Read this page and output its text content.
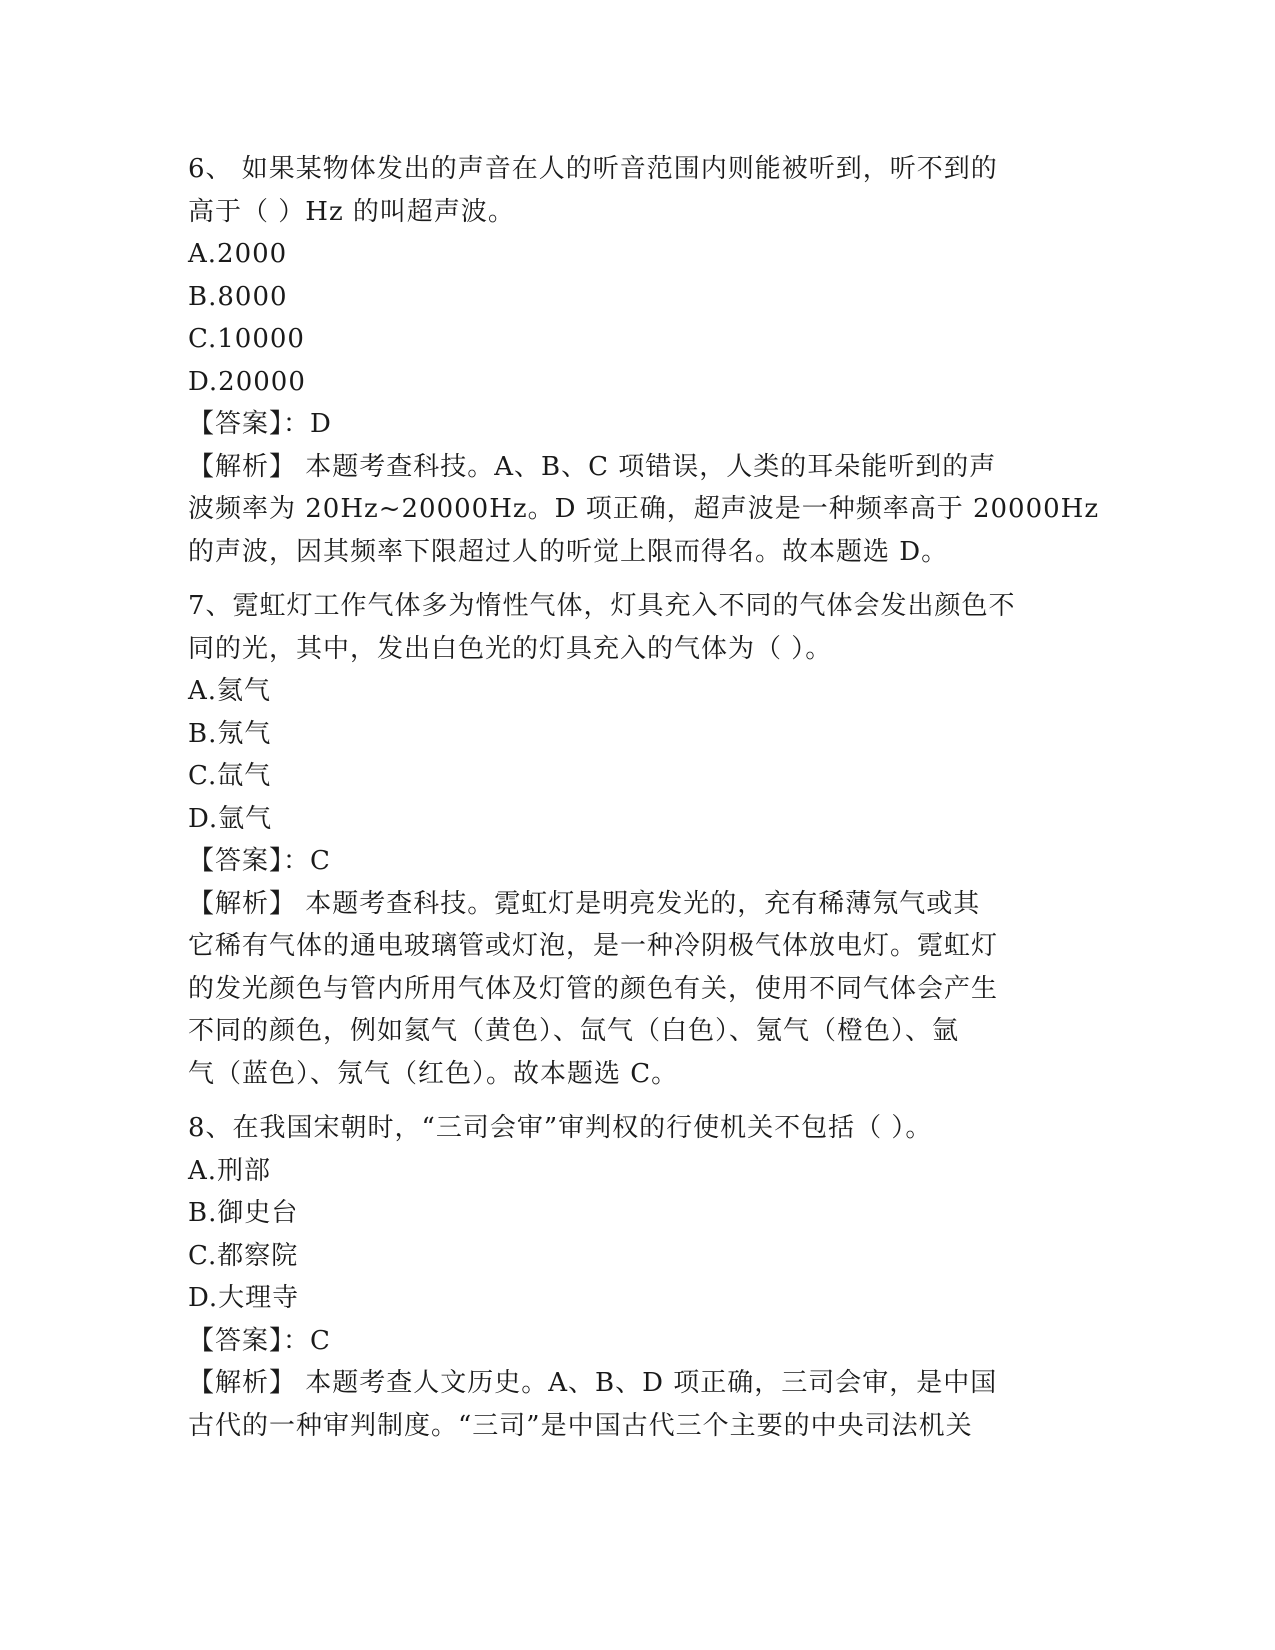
6、 如果某物体发出的声音在人的听音范围内则能被听到，听不到的
高于（ ）Hz 的叫超声波。
A.2000
B.8000
C.10000
D.20000
【答案】：D
【解析】 本题考查科技。A、B、C 项错误，人类的耳朵能听到的声
波频率为 20Hz~20000Hz。D 项正确，超声波是一种频率高于 20000Hz
的声波，因其频率下限超过人的听觉上限而得名。故本题选 D。
7、霓虹灯工作气体多为惰性气体，灯具充入不同的气体会发出颜色不
同的光，其中，发出白色光的灯具充入的气体为（ ）。
A.氦气
B.氖气
C.氙气
D.氩气
【答案】：C
【解析】 本题考查科技。霓虹灯是明亮发光的，充有稀薄氖气或其
它稀有气体的通电玻璃管或灯泡，是一种冷阴极气体放电灯。霓虹灯
的发光颜色与管内所用气体及灯管的颜色有关，使用不同气体会产生
不同的颜色，例如氦气（黄色）、氙气（白色）、氪气（橙色）、氩
气（蓝色）、氖气（红色）。故本题选 C。
8、在我国宋朝时，“三司会审”审判权的行使机关不包括（ ）。
A.刑部
B.御史台
C.都察院
D.大理寺
【答案】：C
【解析】 本题考查人文历史。A、B、D 项正确，三司会审，是中国
古代的一种审判制度。“三司”是中国古代三个主要的中央司法机关
